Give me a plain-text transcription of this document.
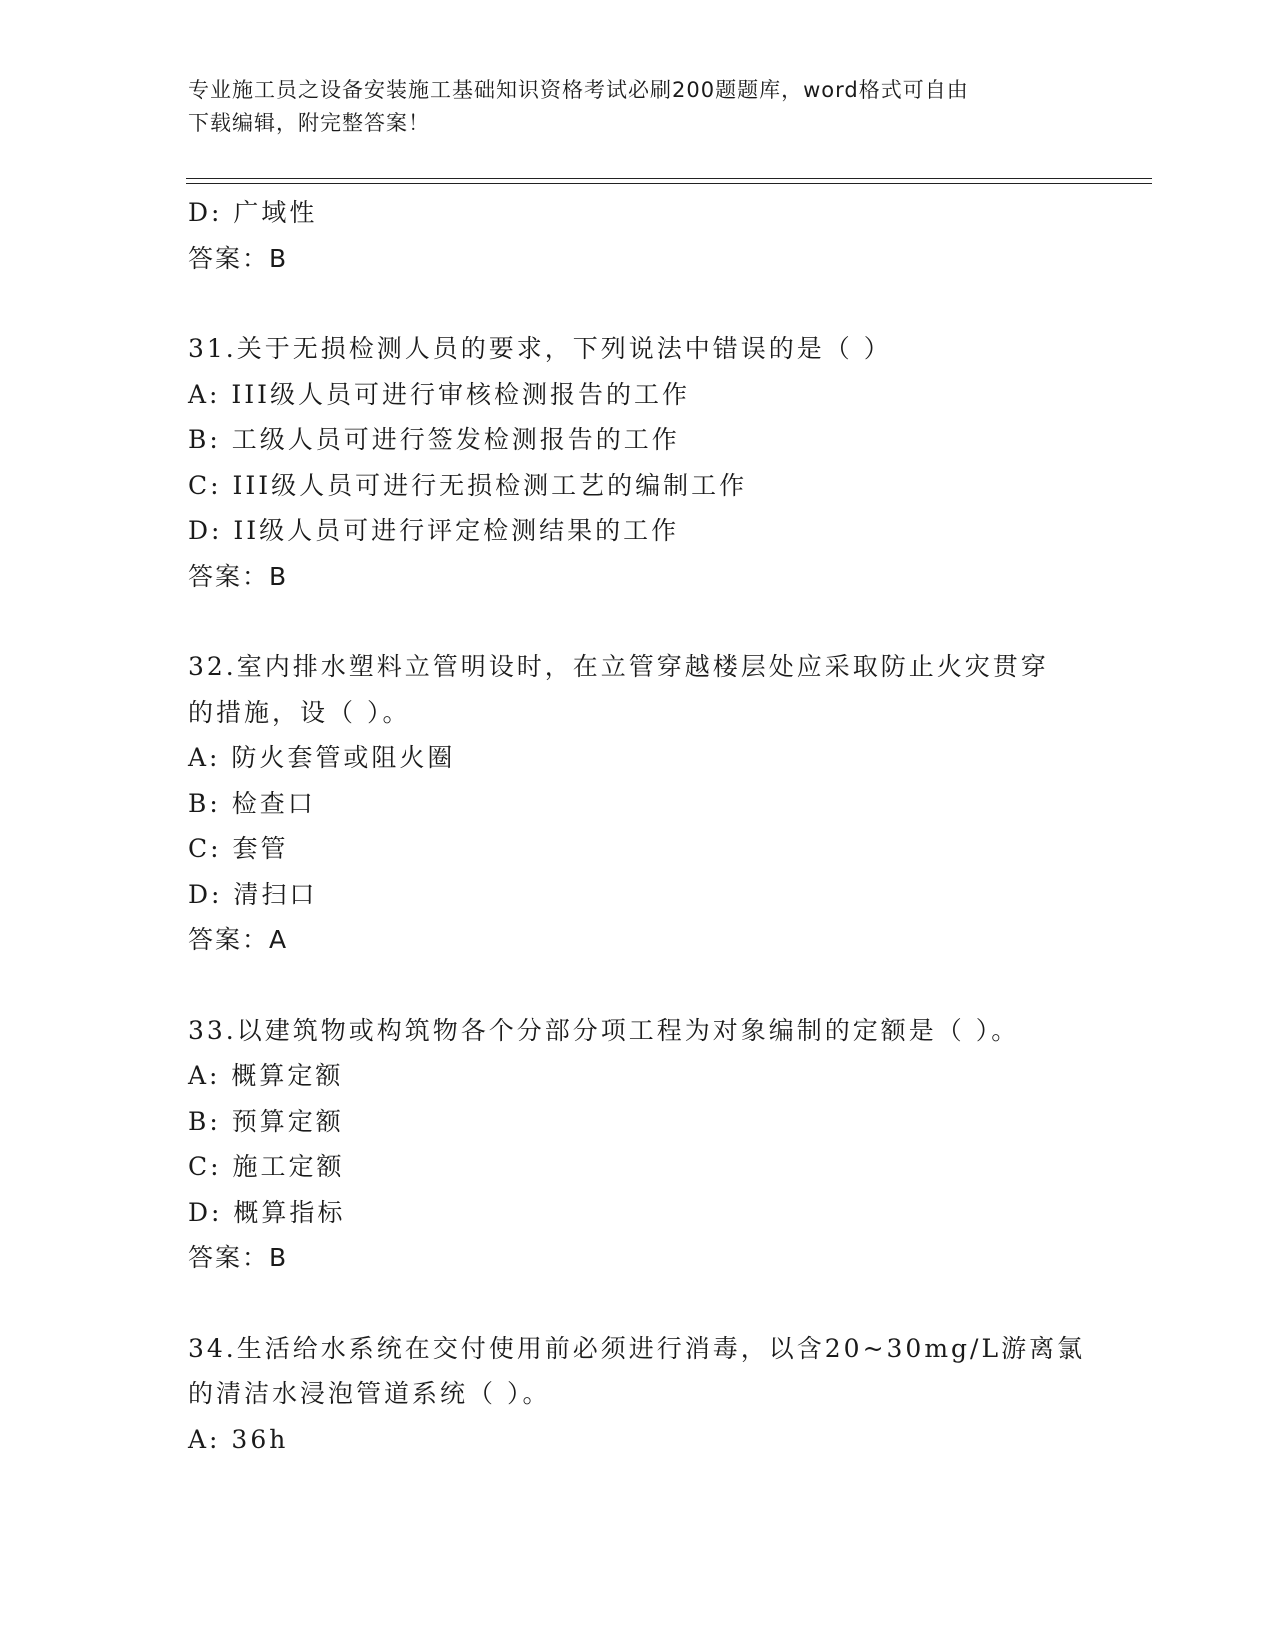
专业施工员之设备安装施工基础知识资格考试必刷200题题库，word格式可自由
下载编辑，附完整答案！
D: 广域性
答案：B
31.关于无损检测人员的要求，下列说法中错误的是（ ）
A: III级人员可进行审核检测报告的工作
B: 工级人员可进行签发检测报告的工作
C: III级人员可进行无损检测工艺的编制工作
D: II级人员可进行评定检测结果的工作
答案：B
32.室内排水塑料立管明设时，在立管穿越楼层处应采取防止火灾贯穿
的措施，设（ ）。
A: 防火套管或阻火圈
B: 检查口
C: 套管
D: 清扫口
答案：A
33.以建筑物或构筑物各个分部分项工程为对象编制的定额是（ ）。
A: 概算定额
B: 预算定额
C: 施工定额
D: 概算指标
答案：B
34.生活给水系统在交付使用前必须进行消毒，以含20~30mg/L游离氯
的清洁水浸泡管道系统（ ）。
A: 36h
